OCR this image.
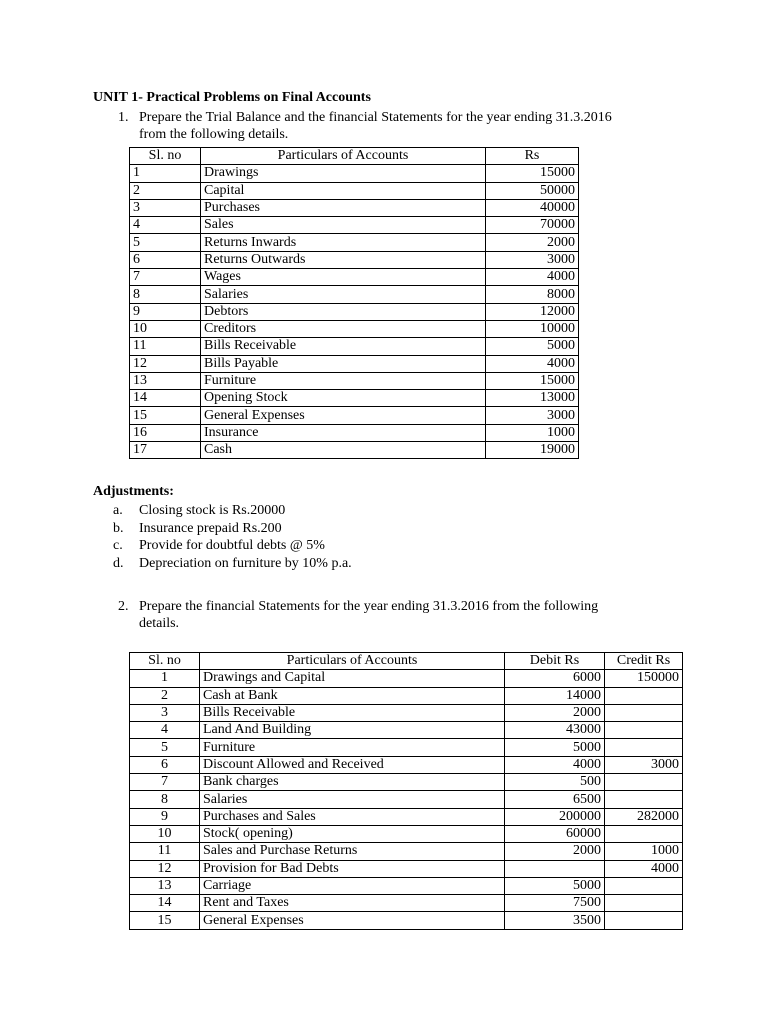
UNIT 1- Practical Problems on Final Accounts
1. Prepare the Trial Balance and the financial Statements for the year ending 31.3.2016
from the following details.
Sl. no	Particulars of Accounts	Rs
1	Drawings	15000
2	Capital	50000
3	Purchases	40000
4	Sales	70000
5	Returns Inwards	2000
6	Returns Outwards	3000
7	Wages	4000
8	Salaries	8000
9	Debtors	12000
10	Creditors	10000
11	Bills Receivable	5000
12	Bills Payable	4000
13	Furniture	15000
14	Opening Stock	13000
15	General Expenses	3000
16	Insurance	1000
17	Cash	19000
Adjustments:
a. Closing stock is Rs.20000
b. Insurance prepaid Rs.200
c. Provide for doubtful debts @ 5%
d. Depreciation on furniture by 10% p.a.
2. Prepare the financial Statements for the year ending 31.3.2016 from the following
details.
Sl. no	Particulars of Accounts	Debit Rs	Credit Rs
1	Drawings and Capital	6000	150000
2	Cash at Bank	14000	
3	Bills Receivable	2000	
4	Land And Building	43000	
5	Furniture	5000	
6	Discount Allowed and Received	4000	3000
7	Bank charges	500	
8	Salaries	6500	
9	Purchases and Sales	200000	282000
10	Stock( opening)	60000	
11	Sales and Purchase Returns	2000	1000
12	Provision for Bad Debts		4000
13	Carriage	5000	
14	Rent and Taxes	7500	
15	General Expenses	3500	
